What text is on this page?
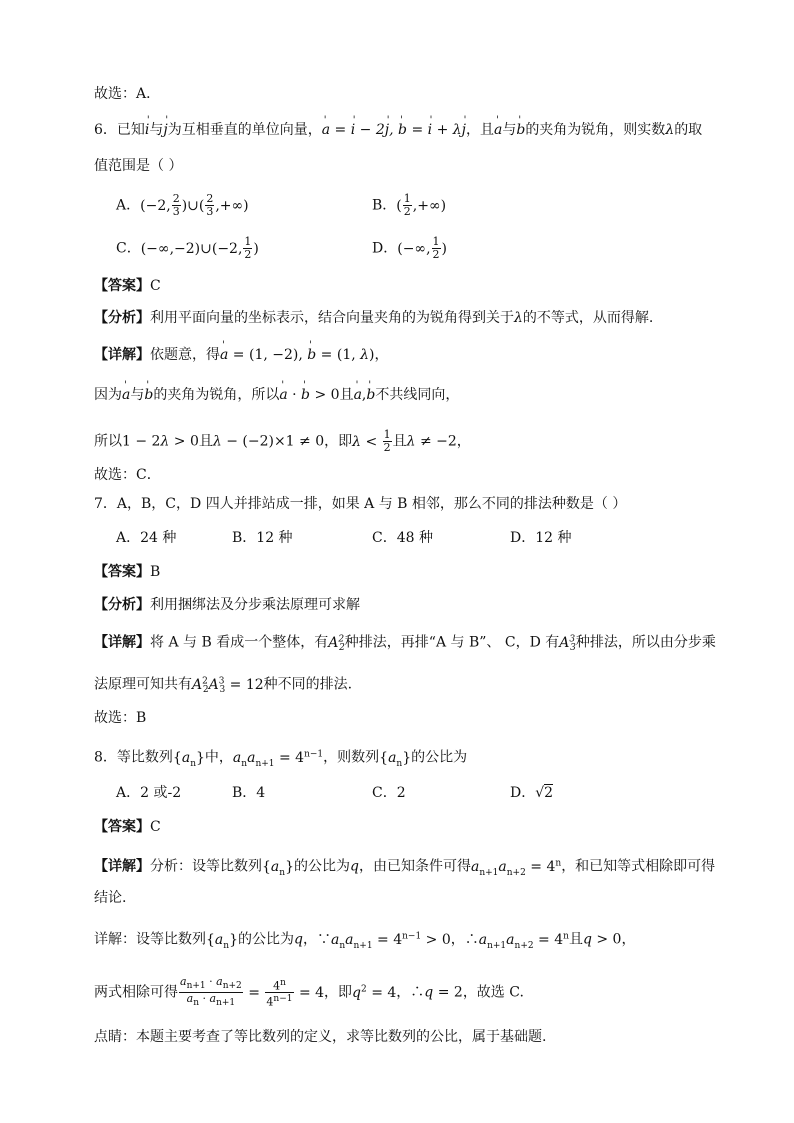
故选：A．
6．已知' i与' j为互相垂直的单位向量，' a = ' i − 2' j, ' b = ' i + λ' j，且' a与' b的夹角为锐角，则实数λ的取
值范围是（ ）
A．(−2, $\frac{2}{3}$ )∪( $\frac{2}{3}$ ,+∞)	B．( $\frac{1}{2}$ ,+∞)
C．(−∞,−2)∪(−2, $\frac{1}{2}$ )	D．(−∞, $\frac{1}{2}$ )
【答案】C
【分析】利用平面向量的坐标表示，结合向量夹角的为锐角得到关于λ的不等式，从而得解.
【详解】依题意，得' a = (1, −2), ' b = (1, λ)，
因为' a与' b的夹角为锐角，所以' a · ' b > 0且' a,' b不共线同向，
所以1 − 2λ > 0且λ − (−2)×1 ≠ 0，即$\lambda < \frac{1}{2}$ 且λ ≠ −2，
故选：C．
7．A，B，C，D 四人并排站成一排，如果 A 与 B 相邻，那么不同的排法种数是（ ）
A．24 种	B．12 种	C．48 种	D．12 种
【答案】B
【分析】利用捆绑法及分步乘法原理可求解
【详解】将 A 与 B 看成一个整体，有$A^2_2$种排法，再排“A 与 B”、 C，D 有$A^3_3$种排法，所以由分步乘
法原理可知共有$A^2_2A^3_3 = 12$种不同的排法.
故选：B
8．等比数列$\{a_n\}$中，$a_na_{n+1} = 4^{n-1}$，则数列$\{a_n\}$的公比为
A．2 或-2	B．4	C．2	D．√2
【答案】C
【详解】分析：设等比数列$\{a_n\}$的公比为q，由已知条件可得$a_{n+1}a_{n+2} = 4^n$，和已知等式相除即可得
结论.
详解：设等比数列$\{a_n\}$的公比为q，$\because a_na_{n+1} = 4^{n-1} > 0$，$\therefore a_{n+1}a_{n+2} = 4^n$且q > 0，
两式相除可得 $\frac{a_{n+1} \cdot a_{n+2}}{a_n \cdot a_{n+1}} = \frac{4^n}{4^{n-1}} = 4$，即$q^2 = 4$，∴q = 2，故选 C.
点睛：本题主要考查了等比数列的定义，求等比数列的公比，属于基础题.
